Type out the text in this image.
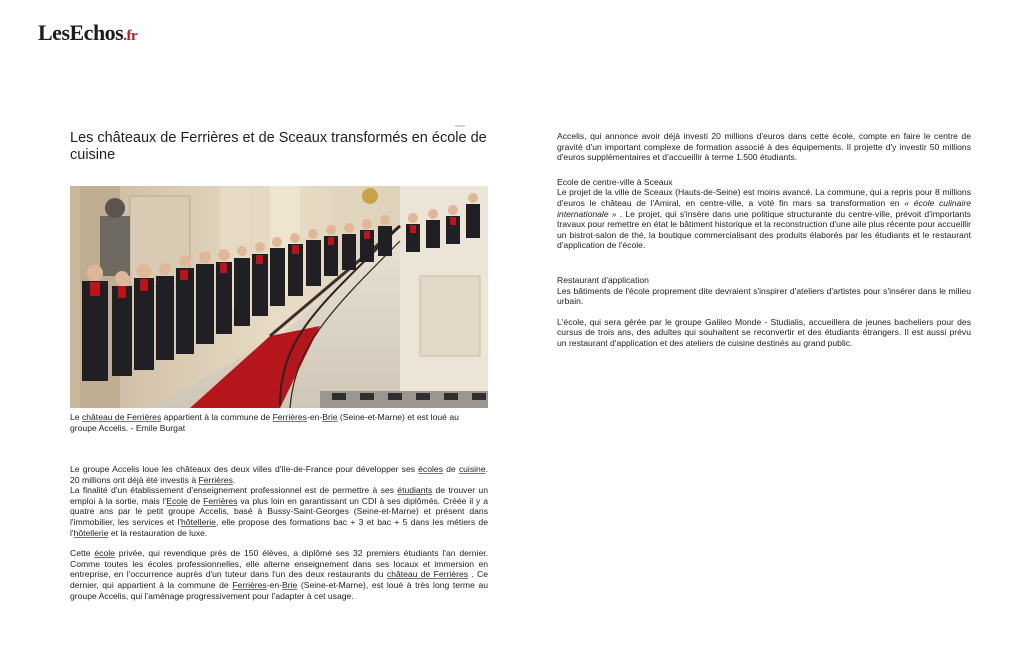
LesEchos.fr
Les châteaux de Ferrières et de Sceaux transformés en école de cuisine
Le château de Ferrières appartient à la commune de Ferrières-en-Brie (Seine-et-Marne) et est loué au groupe Accelis. - Emile Burgat

Le groupe Accelis loue les châteaux des deux villes d'Ile-de-France pour développer ses écoles de cuisine. 20 millions ont déjà été investis à Ferrières.
La finalité d'un établissement d'enseignement professionnel est de permettre à ses étudiants de trouver un emploi à la sortie, mais l'Ecole de Ferrières va plus loin en garantissant un CDI à ses diplômés. Créée il y a quatre ans par le petit groupe Accelis, basé à Bussy-Saint-Georges (Seine-et-Marne) et présent dans l'immobilier, les services et l'hôtellerie, elle propose des formations bac + 3 et bac + 5 dans les métiers de l'hôtellerie et la restauration de luxe.

Cette école privée, qui revendique près de 150 élèves, a diplômé ses 32 premiers étudiants l'an dernier. Comme toutes les écoles professionnelles, elle alterne enseignement dans ses locaux et immersion en entreprise, en l'occurrence auprès d'un tuteur dans l'un des deux restaurants du château de Ferrières . Ce dernier, qui appartient à la commune de Ferrières-en-Brie (Seine-et-Marne), est loué à très long terme au groupe Accelis, qui l'aménage progressivement pour l'adapter à cet usage.

Accelis, qui annonce avoir déjà investi 20 millions d'euros dans cette école, compte en faire le centre de gravité d'un important complexe de formation associé à des équipements. Il projette d'y investir 50 millions d'euros supplémentaires et d'accueillir à terme 1.500 étudiants.

Ecole de centre-ville à Sceaux

Le projet de la ville de Sceaux (Hauts-de-Seine) est moins avancé. La commune, qui a repris pour 8 millions d'euros le château de l'Amiral, en centre-ville, a voté fin mars sa transformation en « école culinaire internationale » . Le projet, qui s'insère dans une politique structurante du centre-ville, prévoit d'importants travaux pour remettre en état le bâtiment historique et la reconstruction d'une aile plus récente pour accueillir un bistrot-salon de thé, la boutique commercialisant des produits élaborés par les étudiants et le restaurant d'application de l'école.

Restaurant d'application

Les bâtiments de l'école proprement dite devraient s'inspirer d'ateliers d'artistes pour s'insérer dans le milieu urbain.

L'école, qui sera gérée par le groupe Galileo Monde - Studialis, accueillera de jeunes bacheliers pour des cursus de trois ans, des adultes qui souhaitent se reconvertir et des étudiants étrangers. Il est aussi prévu un restaurant d'application et des ateliers de cuisine destinés au grand public.
